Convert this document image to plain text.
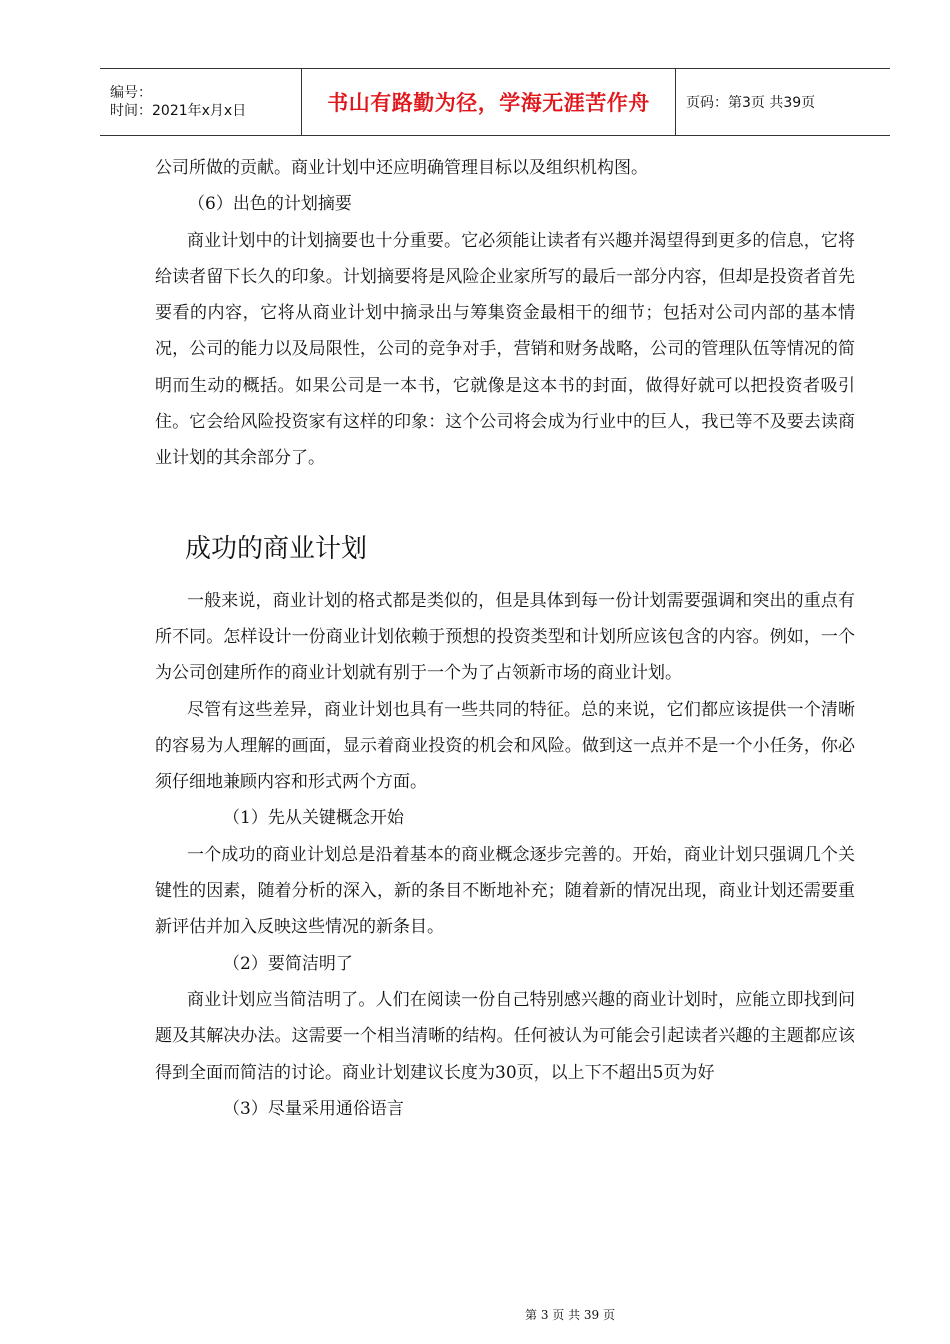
编号：
时间：2021年x月x日	书山有路勤为径，学海无涯苦作舟	页码：第3页 共39页

公司所做的贡献。商业计划中还应明确管理目标以及组织机构图。

（6）出色的计划摘要

商业计划中的计划摘要也十分重要。它必须能让读者有兴趣并渴望得到更多的信息，它将给读者留下长久的印象。计划摘要将是风险企业家所写的最后一部分内容，但却是投资者首先要看的内容，它将从商业计划中摘录出与筹集资金最相干的细节；包括对公司内部的基本情况，公司的能力以及局限性，公司的竞争对手，营销和财务战略，公司的管理队伍等情况的简明而生动的概括。如果公司是一本书，它就像是这本书的封面，做得好就可以把投资者吸引住。它会给风险投资家有这样的印象：这个公司将会成为行业中的巨人，我已等不及要去读商业计划的其余部分了。

成功的商业计划

一般来说，商业计划的格式都是类似的，但是具体到每一份计划需要强调和突出的重点有所不同。怎样设计一份商业计划依赖于预想的投资类型和计划所应该包含的内容。例如，一个为公司创建所作的商业计划就有别于一个为了占领新市场的商业计划。

尽管有这些差异，商业计划也具有一些共同的特征。总的来说，它们都应该提供一个清晰的容易为人理解的画面，显示着商业投资的机会和风险。做到这一点并不是一个小任务，你必须仔细地兼顾内容和形式两个方面。

（1）先从关键概念开始

一个成功的商业计划总是沿着基本的商业概念逐步完善的。开始，商业计划只强调几个关键性的因素，随着分析的深入，新的条目不断地补充；随着新的情况出现，商业计划还需要重新评估并加入反映这些情况的新条目。

（2）要简洁明了

商业计划应当简洁明了。人们在阅读一份自己特别感兴趣的商业计划时，应能立即找到问题及其解决办法。这需要一个相当清晰的结构。任何被认为可能会引起读者兴趣的主题都应该得到全面而简洁的讨论。商业计划建议长度为30页，以上下不超出5页为好

（3）尽量采用通俗语言

第 3 页 共 39 页
